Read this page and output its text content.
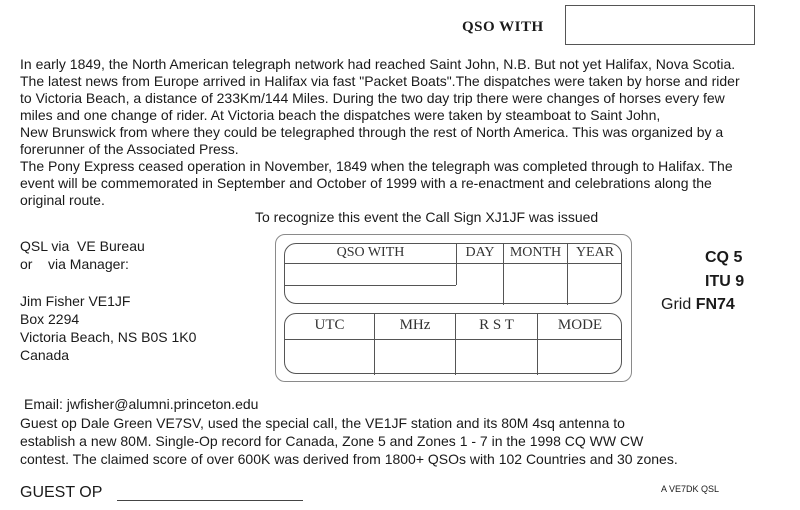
QSO WITH
In early 1849, the North American telegraph network had reached Saint John, N.B. But not yet Halifax, Nova Scotia.
The latest news from Europe arrived in Halifax via fast "Packet Boats".The dispatches were taken by horse and rider
to Victoria Beach, a distance of 233Km/144 Miles. During the two day trip there were changes of horses every few
miles and one change of rider. At Victoria beach the dispatches were taken by steamboat to Saint John,
New Brunswick from where they could be telegraphed through the rest of North America. This was organized by a
forerunner of the Associated Press.
The Pony Express ceased operation in November, 1849 when the telegraph was completed through to Halifax. The
event will be commemorated in September and October of 1999 with a re-enactment and celebrations along the
original route.
To recognize this event the Call Sign XJ1JF was issued
QSL via  VE Bureau
or    via Manager:
Jim Fisher VE1JF
Box 2294
Victoria Beach, NS B0S 1K0
Canada
CQ 5
ITU 9
Grid FN74
QSO WITH	DAY	MONTH	YEAR
UTC	MHz	R S T	MODE
Email: jwfisher@alumni.princeton.edu
Guest op Dale Green VE7SV, used the special call, the VE1JF station and its 80M 4sq antenna to
establish a new 80M. Single-Op record for Canada, Zone 5 and Zones 1 - 7 in the 1998 CQ WW CW
contest. The claimed score of over 600K was derived from 1800+ QSOs with 102 Countries and 30 zones.
GUEST OP	A VE7DK QSL
